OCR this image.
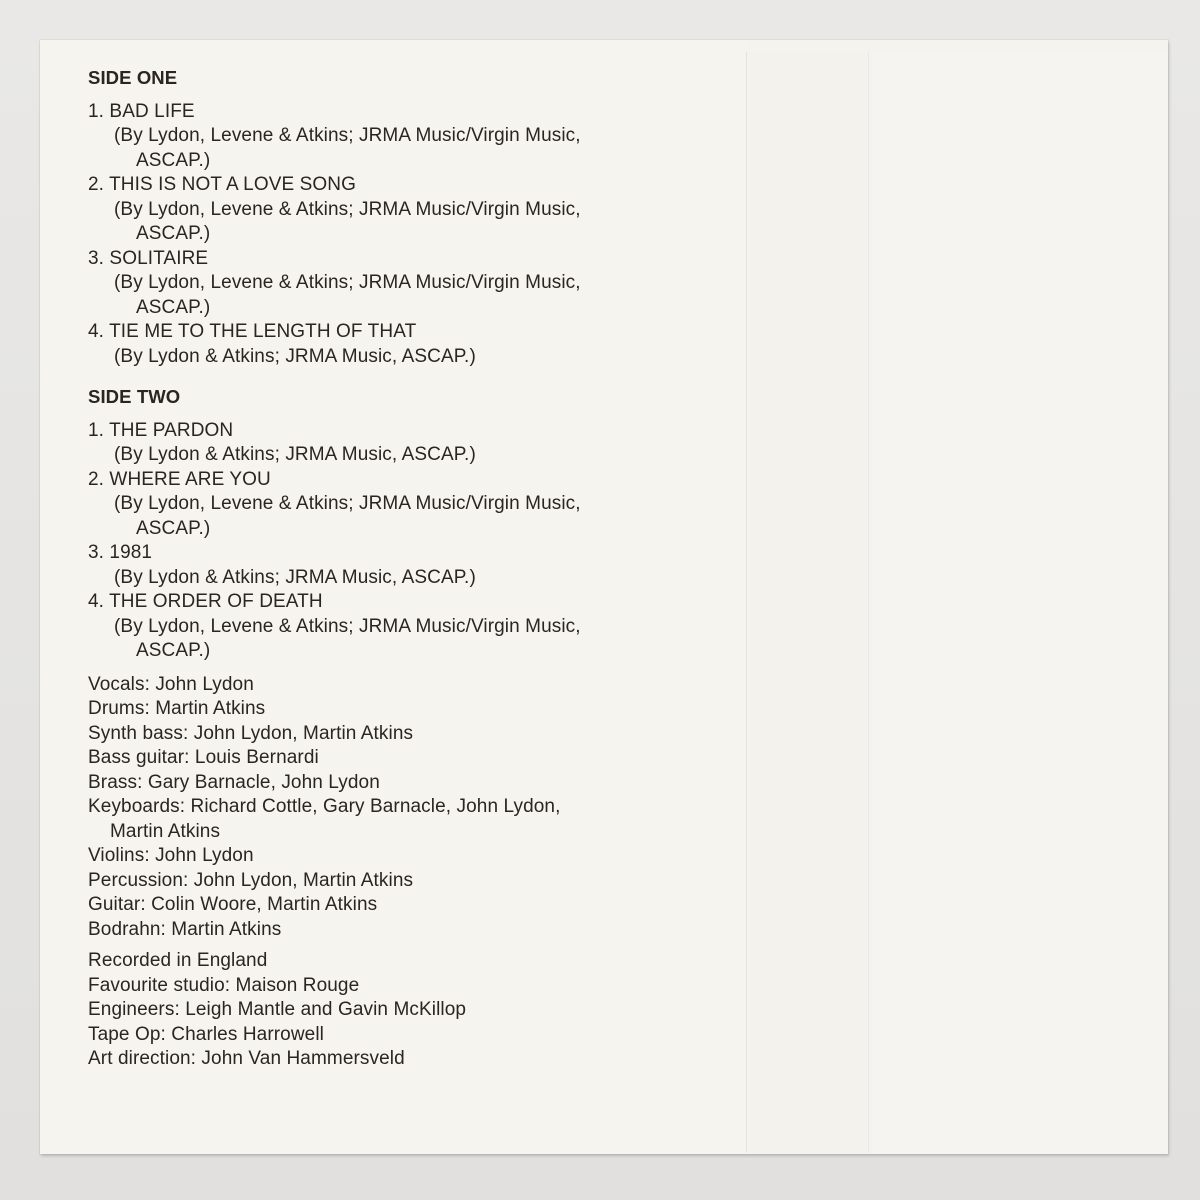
SIDE ONE
1. BAD LIFE
(By Lydon, Levene & Atkins; JRMA Music/Virgin Music,
ASCAP.)
2. THIS IS NOT A LOVE SONG
(By Lydon, Levene & Atkins; JRMA Music/Virgin Music,
ASCAP.)
3. SOLITAIRE
(By Lydon, Levene & Atkins; JRMA Music/Virgin Music,
ASCAP.)
4. TIE ME TO THE LENGTH OF THAT
(By Lydon & Atkins; JRMA Music, ASCAP.)
SIDE TWO
1. THE PARDON
(By Lydon & Atkins; JRMA Music, ASCAP.)
2. WHERE ARE YOU
(By Lydon, Levene & Atkins; JRMA Music/Virgin Music,
ASCAP.)
3. 1981
(By Lydon & Atkins; JRMA Music, ASCAP.)
4. THE ORDER OF DEATH
(By Lydon, Levene & Atkins; JRMA Music/Virgin Music,
ASCAP.)
Vocals: John Lydon
Drums: Martin Atkins
Synth bass: John Lydon, Martin Atkins
Bass guitar: Louis Bernardi
Brass: Gary Barnacle, John Lydon
Keyboards: Richard Cottle, Gary Barnacle, John Lydon,
Martin Atkins
Violins: John Lydon
Percussion: John Lydon, Martin Atkins
Guitar: Colin Woore, Martin Atkins
Bodrahn: Martin Atkins
Recorded in England
Favourite studio: Maison Rouge
Engineers: Leigh Mantle and Gavin McKillop
Tape Op: Charles Harrowell
Art direction: John Van Hammersveld
